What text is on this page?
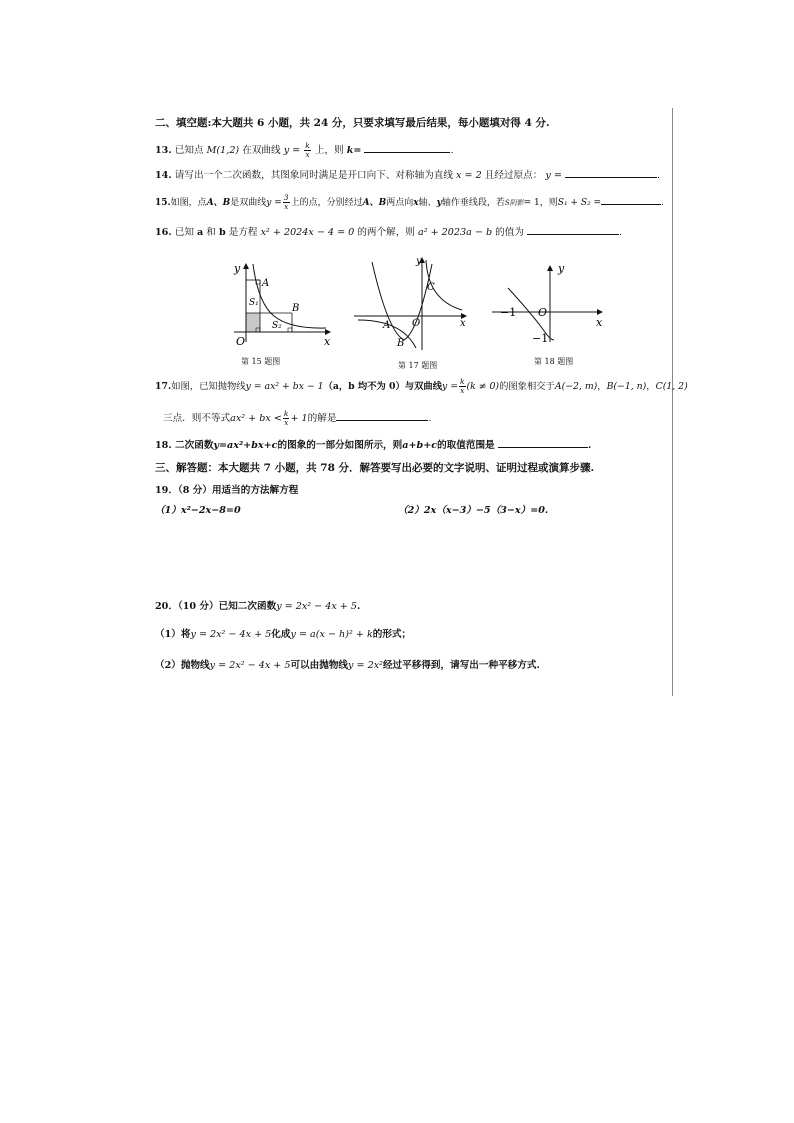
二、填空题:本大题共 6 小题，共 24 分，只要求填写最后结果，每小题填对得 4 分.
13. 已知点 M(1,2) 在双曲线 $y = \frac{k}{x}$ 上，则 k=	.
14. 请写出一个二次函数，其图象同时满足是开口向下、对称轴为直线 x = 2 且经过原点： y =	.
15.如图，点A、B是双曲线$y = \frac{3}{x}$ 上的点，分别经过A、B两点向x轴、y轴作垂线段，若S阴影= 1，则S₁ + S₂ =	.
16. 已知 a 和 b 是方程 x² + 2024x − 4 = 0 的两个解，则 a² + 2023a − b 的值为	.
y
x
O
A
B
S₁
S₂
第 15 题图
y
x
O
A
B
C
第 17 题图
y
x
O
−1
−1
第 18 题图
17.如图，已知抛物线y = ax² + bx − 1（a，b 均不为 0）与双曲线$y = \frac{k}{x} (k \ne 0)$的图象相交于A(−2, m)，B(−1, n)，C(1, 2)
三点．则不等式ax² + bx < $\frac{k}{x} + 1$的解是	.
18. 二次函数y=ax²+bx+c的图象的一部分如图所示，则a+b+c的取值范围是	.
三、解答题：本大题共 7 小题，共 78 分．解答要写出必要的文字说明、证明过程或演算步骤.
19．（8 分）用适当的方法解方程
（1）x²−2x−8=0	（2）2x（x−3）−5（3−x）=0.
20．（10 分）已知二次函数y = 2x² − 4x + 5.
（1）将y = 2x² − 4x + 5化成y = a(x − h)² + k的形式；
（2）抛物线y = 2x² − 4x + 5可以由抛物线y = 2x²经过平移得到，请写出一种平移方式.
